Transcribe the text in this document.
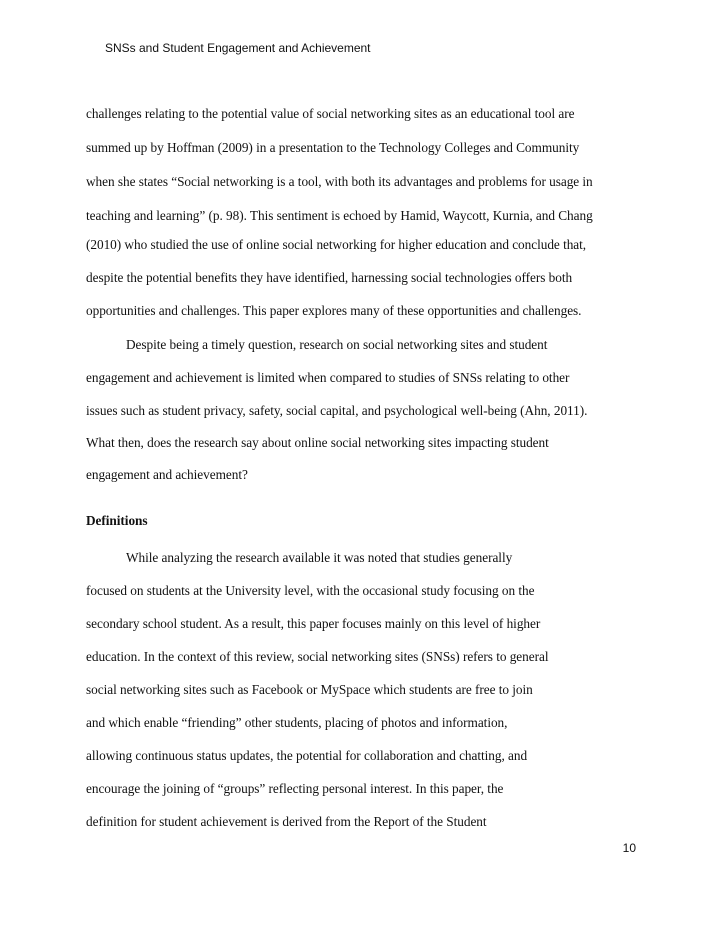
SNSs and Student Engagement and Achievement
challenges relating to the potential value of social networking sites as an educational tool are
summed up by Hoffman (2009) in a presentation to the Technology Colleges and Community
when she states “Social networking is a tool, with both its advantages and problems for usage in
teaching and learning” (p. 98). This sentiment is echoed by Hamid, Waycott, Kurnia, and Chang
(2010) who studied the use of online social networking for higher education and conclude that,
despite the potential benefits they have identified, harnessing social technologies offers both
opportunities and challenges. This paper explores many of these opportunities and challenges.
Despite being a timely question, research on social networking sites and student
engagement and achievement is limited when compared to studies of SNSs relating to other
issues such as student privacy, safety, social capital, and psychological well-being (Ahn, 2011).
What then, does the research say about online social networking sites impacting student
engagement and achievement?
Definitions
While analyzing the research available it was noted that studies generally
focused on students at the University level, with the occasional study focusing on the
secondary school student. As a result, this paper focuses mainly on this level of higher
education. In the context of this review, social networking sites (SNSs) refers to general
social networking sites such as Facebook or MySpace which students are free to join
and which enable “friending” other students, placing of photos and information,
allowing continuous status updates, the potential for collaboration and chatting, and
encourage the joining of “groups” reflecting personal interest. In this paper, the
definition for student achievement is derived from the Report of the Student
10
